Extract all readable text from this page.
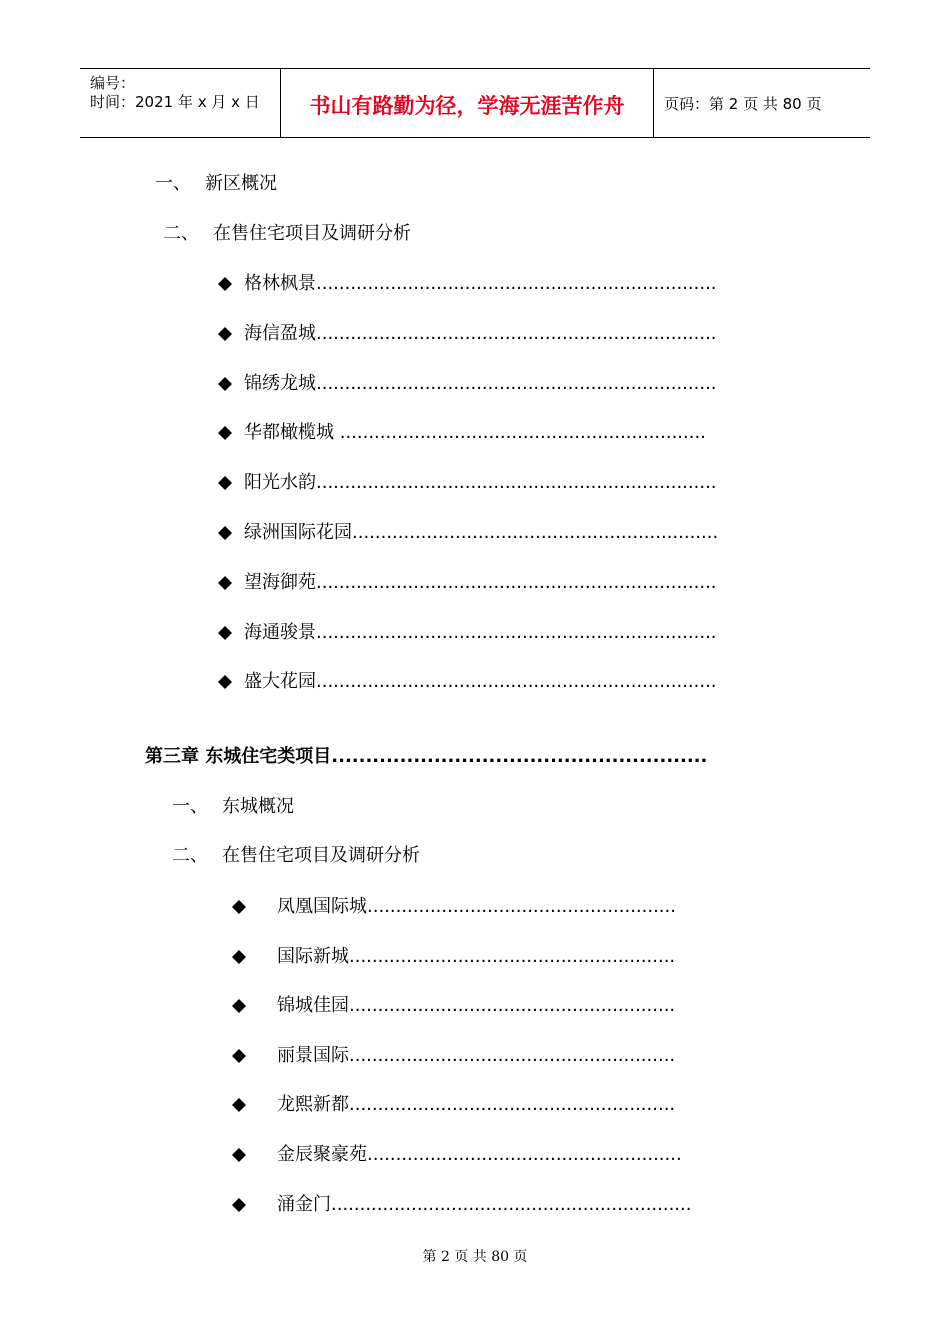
编号：
时间：2021 年 x 月 x 日	书山有路勤为径，学海无涯苦作舟	页码：第 2 页 共 80 页
一、 新区概况
二、 在售住宅项目及调研分析
格林枫景......................................................................
海信盈城......................................................................
锦绣龙城......................................................................
华都橄榄城 ................................................................
阳光水韵......................................................................
绿洲国际花园................................................................
望海御苑......................................................................
海通骏景......................................................................
盛大花园......................................................................
第三章 东城住宅类项目.......................................................
一、 东城概况
二、 在售住宅项目及调研分析
凤凰国际城......................................................
国际新城.........................................................
锦城佳园.........................................................
丽景国际.........................................................
龙熙新都.........................................................
金辰聚豪苑.......................................................
涌金门...............................................................
第 2 页 共 80 页
